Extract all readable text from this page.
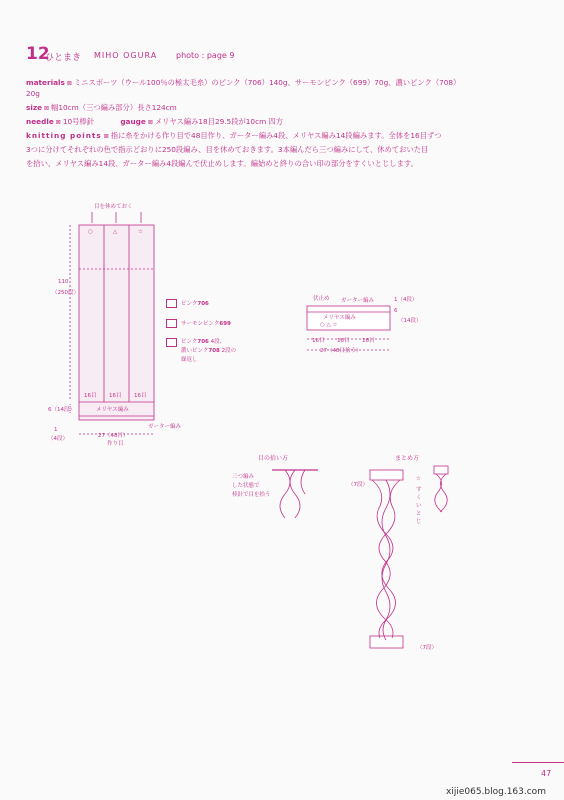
12
ひとまき MIHO OGURA photo : page 9
materials ⊠ ミニスポーツ（ウール100％の極太毛糸）のピンク（706）140g、サーモンピンク（699）70g、濃いピンク（708）
20g
size ⊠ 幅10cm（三つ編み部分）長さ124cm
needle ⊠ 10号棒針	gauge ⊠ メリヤス編み18目29.5段が10cm 四方
knitting points ⊠ 指に糸をかける作り目で48目作り、ガーター編み4段、メリヤス編み14段編みます。全体を16目ずつ
3つに分けてそれぞれの色で指示どおりに250段編み、目を休めておきます。3本編んだら三つ編みにして、休めておいた目
を拾い、メリヤス編み14段、ガーター編み4段編んで伏止めします。編始めと終りの合い印の部分をすくいとじします。
目を休めておく
○	△	☆
110
（250段）
16目 16目 16目
メリヤス編み
6（14段）
1
（4段）
ガーター編み
27（48目）
作り目
ピンク706
サーモンピンク699
ピンク706 4段、
濃いピンク708 2段の
繰返し
伏止め ガーター編み	1（4段）
メリヤス編み
○ △ ☆
6
（14段）
16目 16目 16目
27（48目拾う）
目の拾い方
三つ編み
した状態で
棒針で目を拾う
まとめ方
（7段）
☆
すくいとじ
（7段）
47
xijie065.blog.163.com
